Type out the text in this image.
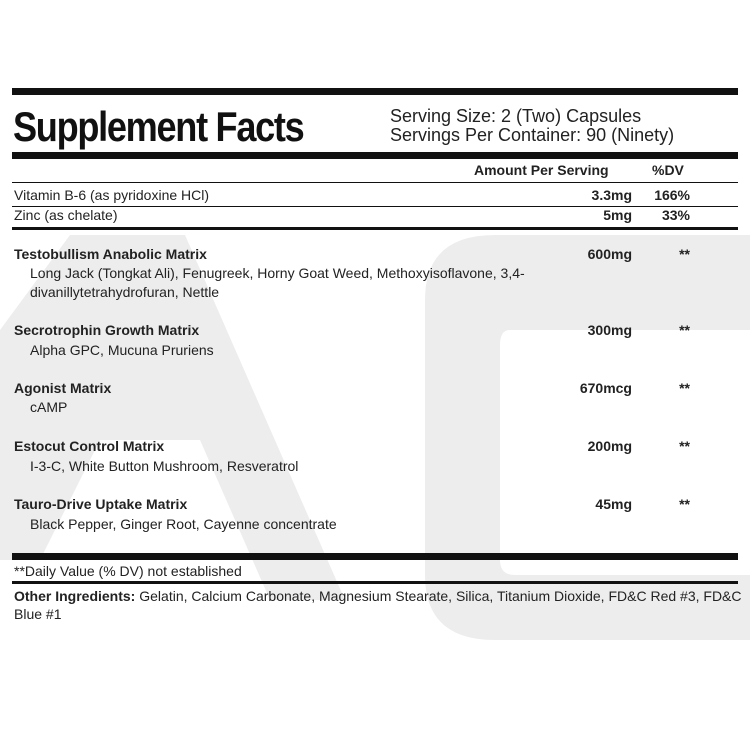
Supplement Facts	Serving Size: 2 (Two) Capsules
Servings Per Container: 90 (Ninety)
Amount Per Serving	%DV
Vitamin B-6 (as pyridoxine HCl)	3.3mg 166%
Zinc (as chelate)	5mg 33%
Testobullism Anabolic Matrix	600mg	**
Long Jack (Tongkat Ali), Fenugreek, Horny Goat Weed, Methoxyisoflavone, 3,4-divanillytetrahydrofuran, Nettle
Secrotrophin Growth Matrix	300mg	**
Alpha GPC, Mucuna Pruriens
Agonist Matrix	670mcg	**
cAMP
Estocut Control Matrix	200mg	**
I-3-C, White Button Mushroom, Resveratrol
Tauro-Drive Uptake Matrix	45mg	**
Black Pepper, Ginger Root, Cayenne concentrate
**Daily Value (% DV) not established
Other Ingredients: Gelatin, Calcium Carbonate, Magnesium Stearate, Silica, Titanium Dioxide, FD&C Red #3, FD&C Blue #1
